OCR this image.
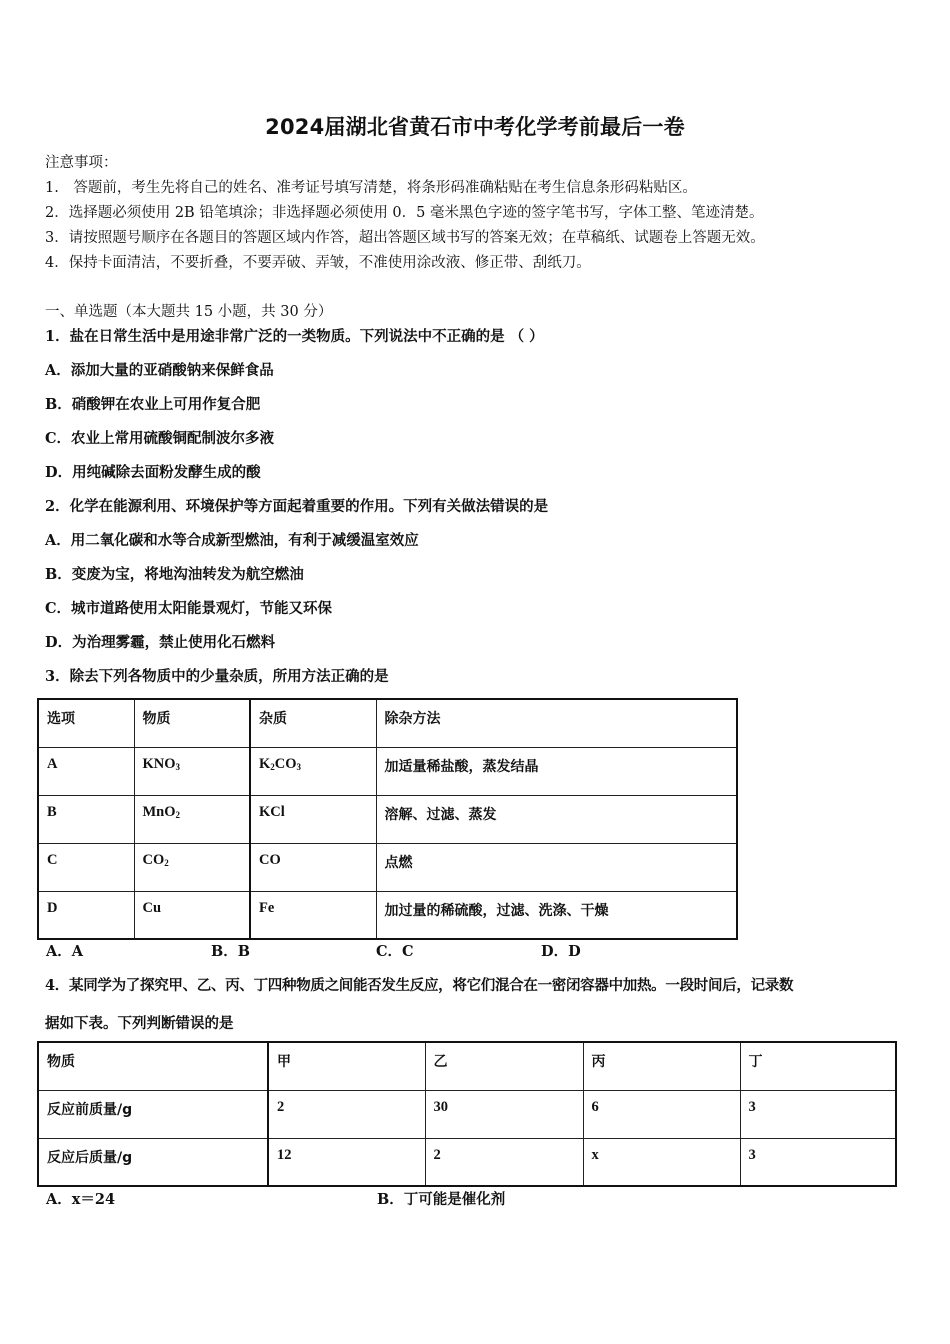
2024届湖北省黄石市中考化学考前最后一卷
注意事项：
1.　答题前，考生先将自己的姓名、准考证号填写清楚，将条形码准确粘贴在考生信息条形码粘贴区。
2．选择题必须使用 2B 铅笔填涂；非选择题必须使用 0．5 毫米黑色字迹的签字笔书写，字体工整、笔迹清楚。
3．请按照题号顺序在各题目的答题区域内作答，超出答题区域书写的答案无效；在草稿纸、试题卷上答题无效。
4．保持卡面清洁，不要折叠，不要弄破、弄皱，不准使用涂改液、修正带、刮纸刀。
一、单选题（本大题共 15 小题，共 30 分）
1．盐在日常生活中是用途非常广泛的一类物质。下列说法中不正确的是 （ ）
A．添加大量的亚硝酸钠来保鲜食品
B．硝酸钾在农业上可用作复合肥
C．农业上常用硫酸铜配制波尔多液
D．用纯碱除去面粉发酵生成的酸
2．化学在能源利用、环境保护等方面起着重要的作用。下列有关做法错误的是
A．用二氧化碳和水等合成新型燃油，有利于减缓温室效应
B．变废为宝，将地沟油转发为航空燃油
C．城市道路使用太阳能景观灯，节能又环保
D．为治理雾霾，禁止使用化石燃料
3．除去下列各物质中的少量杂质，所用方法正确的是
选项	物质	杂质	除杂方法
A	$KNO_3$	$K_2CO_3$	加适量稀盐酸，蒸发结晶
B	MnO$_2$	KCl	溶解、过滤、蒸发
C	$CO_2$	CO	点燃
D	Cu	Fe	加过量的稀硫酸，过滤、洗涤、干燥
A．A	B．B	C．C	D．D
4．某同学为了探究甲、乙、丙、丁四种物质之间能否发生反应，将它们混合在一密闭容器中加热。一段时间后，记录数
据如下表。下列判断错误的是
物质	甲	乙	丙	丁
反应前质量/g	2	30	6	3
反应后质量/g	12	2	x	3
A．x＝24	B．丁可能是催化剂
